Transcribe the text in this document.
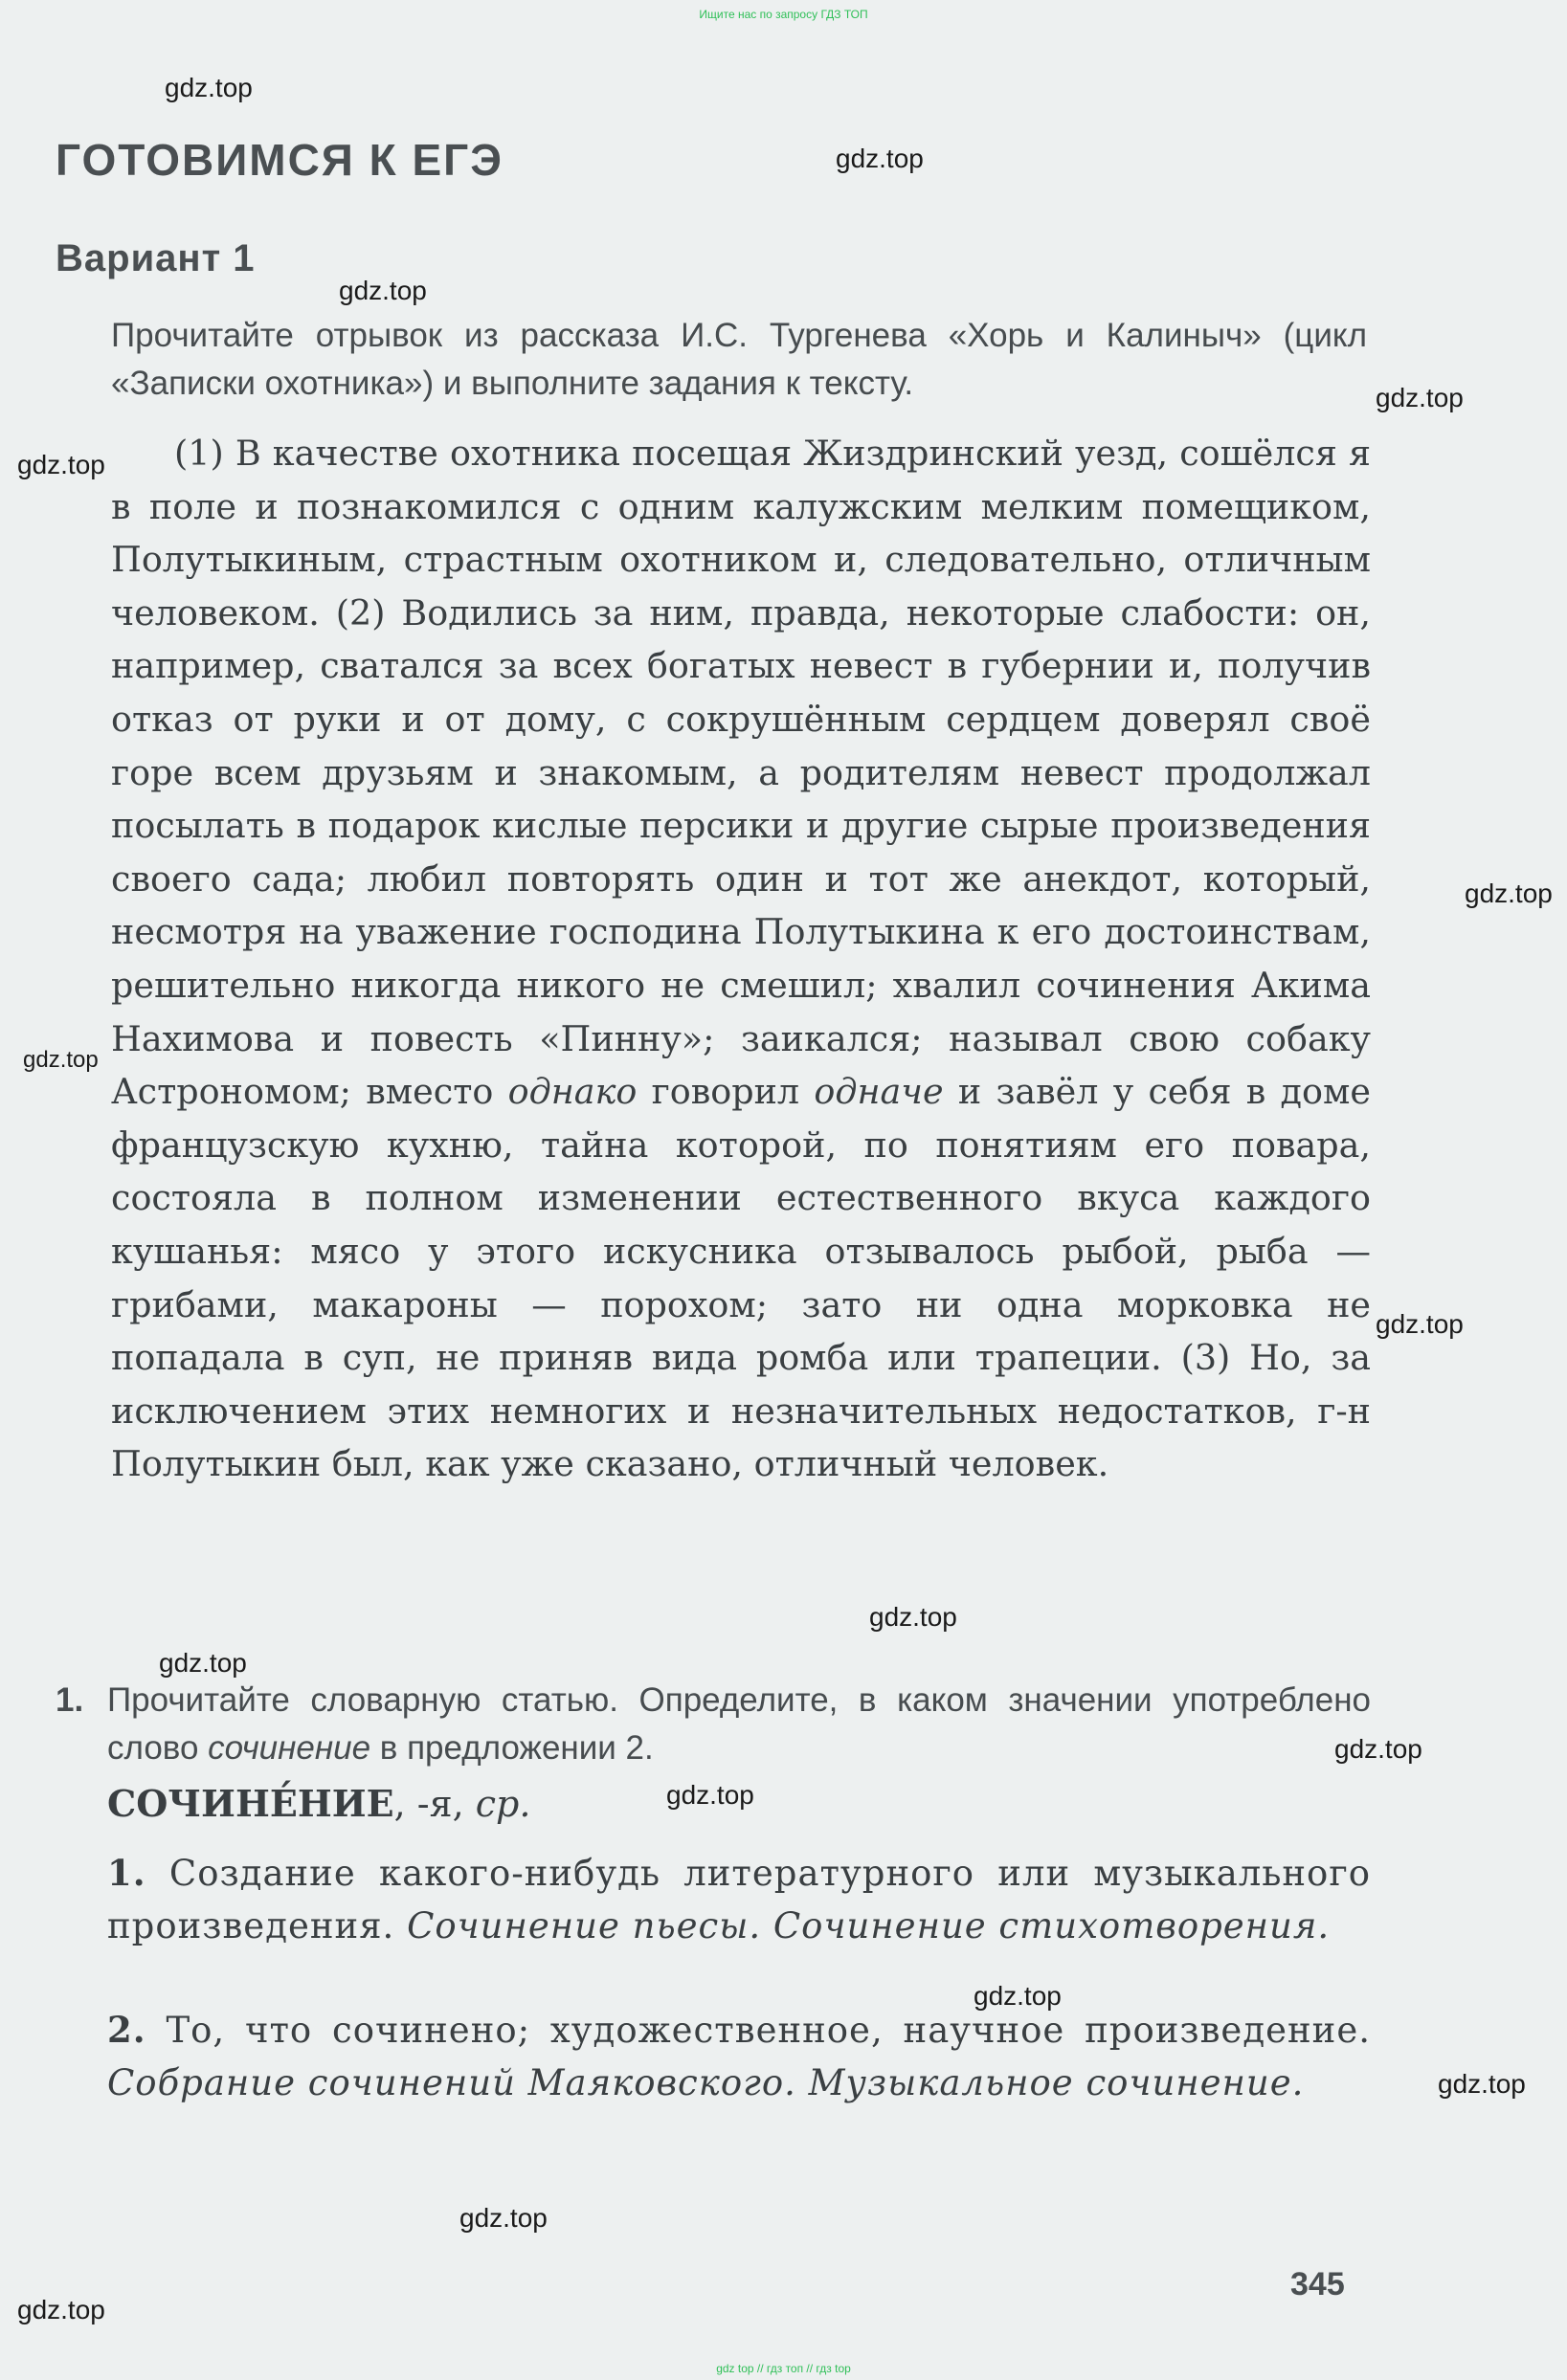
Ищите нас по запросу ГДЗ ТОП
gdz.top
gdz.top
gdz.top
gdz.top
gdz.top
gdz.top
gdz.top
gdz.top
gdz.top
gdz.top
gdz.top
gdz.top
gdz.top
gdz.top
gdz.top
gdz.top
ГОТОВИМСЯ К ЕГЭ
Вариант 1
Прочитайте отрывок из рассказа И.С. Тургенева «Хорь и Калиныч» (цикл «Записки охотника») и выполните задания к тексту.
(1) В качестве охотника посещая Жиздринский уезд, сошёлся я в поле и познакомился с одним калужским мелким помещиком, Полутыкиным, страстным охотником и, следовательно, отличным человеком. (2) Водились за ним, правда, некоторые слабости: он, например, сватался за всех богатых невест в губернии и, получив отказ от руки и от дому, с сокрушённым сердцем доверял своё горе всем друзьям и знакомым, а родителям невест продолжал посылать в подарок кислые персики и другие сырые произведения своего сада; любил повторять один и тот же анекдот, который, несмотря на уважение господина Полутыкина к его достоинствам, решительно никогда никого не смешил; хвалил сочинения Акима Нахимова и повесть «Пинну»; заикался; называл свою собаку Астрономом; вместо однако говорил одначе и завёл у себя в доме французскую кухню, тайна которой, по понятиям его повара, состояла в полном изменении естественного вкуса каждого кушанья: мясо у этого искусника отзывалось рыбой, рыба — грибами, макароны — порохом; зато ни одна морковка не попадала в суп, не приняв вида ромба или трапеции. (3) Но, за исключением этих немногих и незначительных недостатков, г-н Полутыкин был, как уже сказано, отличный человек.
1. Прочитайте словарную статью. Определите, в каком значении употреблено слово сочинение в предложении 2.
СОЧИНЕ́НИЕ, -я, ср.
1. Создание какого-нибудь литературного или музыкального произведения. Сочинение пьесы. Сочинение стихотворения.
2. То, что сочинено; художественное, научное произведение. Собрание сочинений Маяковского. Музыкальное сочинение.
345
gdz top // гдз топ // гдз top
